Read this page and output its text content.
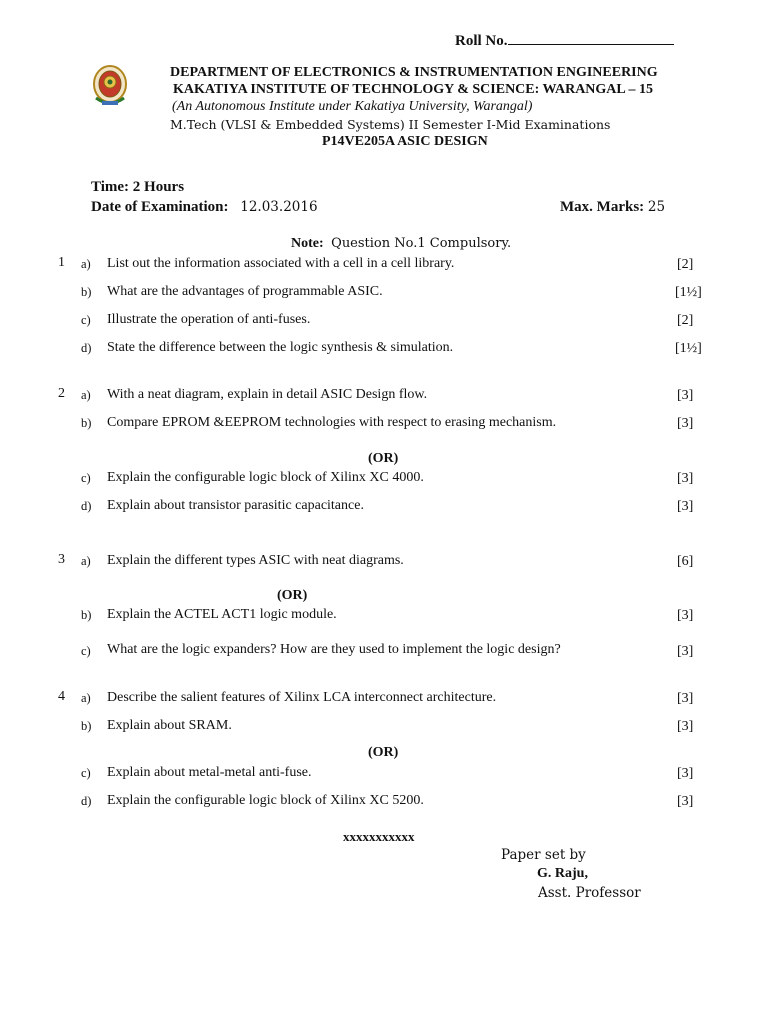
Roll No.
DEPARTMENT OF ELECTRONICS & INSTRUMENTATION ENGINEERING
KAKATIYA INSTITUTE OF TECHNOLOGY & SCIENCE: WARANGAL – 15
(An Autonomous Institute under Kakatiya University, Warangal)
M.Tech (VLSI & Embedded Systems) II Semester I-Mid Examinations
P14VE205A ASIC DESIGN
Time: 2 Hours
Date of Examination: 12.03.2016	Max. Marks: 25
Note: Question No.1 Compulsory.
1 a) List out the information associated with a cell in a cell library.	[2]
b) What are the advantages of programmable ASIC.	[1½]
c) Illustrate the operation of anti-fuses.	[2]
d) State the difference between the logic synthesis & simulation.	[1½]
2 a) With a neat diagram, explain in detail ASIC Design flow.	[3]
b) Compare EPROM &EEPROM technologies with respect to erasing mechanism.	[3]
(OR)
c) Explain the configurable logic block of Xilinx XC 4000.	[3]
d) Explain about transistor parasitic capacitance.	[3]
3 a) Explain the different types ASIC with neat diagrams.	[6]
(OR)
b) Explain the ACTEL ACT1 logic module.	[3]
c) What are the logic expanders? How are they used to implement the logic design?	[3]
4 a) Describe the salient features of Xilinx LCA interconnect architecture.	[3]
b) Explain about SRAM.	[3]
(OR)
c) Explain about metal-metal anti-fuse.	[3]
d) Explain the configurable logic block of Xilinx XC 5200.	[3]
xxxxxxxxxxx
Paper set by
G. Raju,
Asst. Professor
